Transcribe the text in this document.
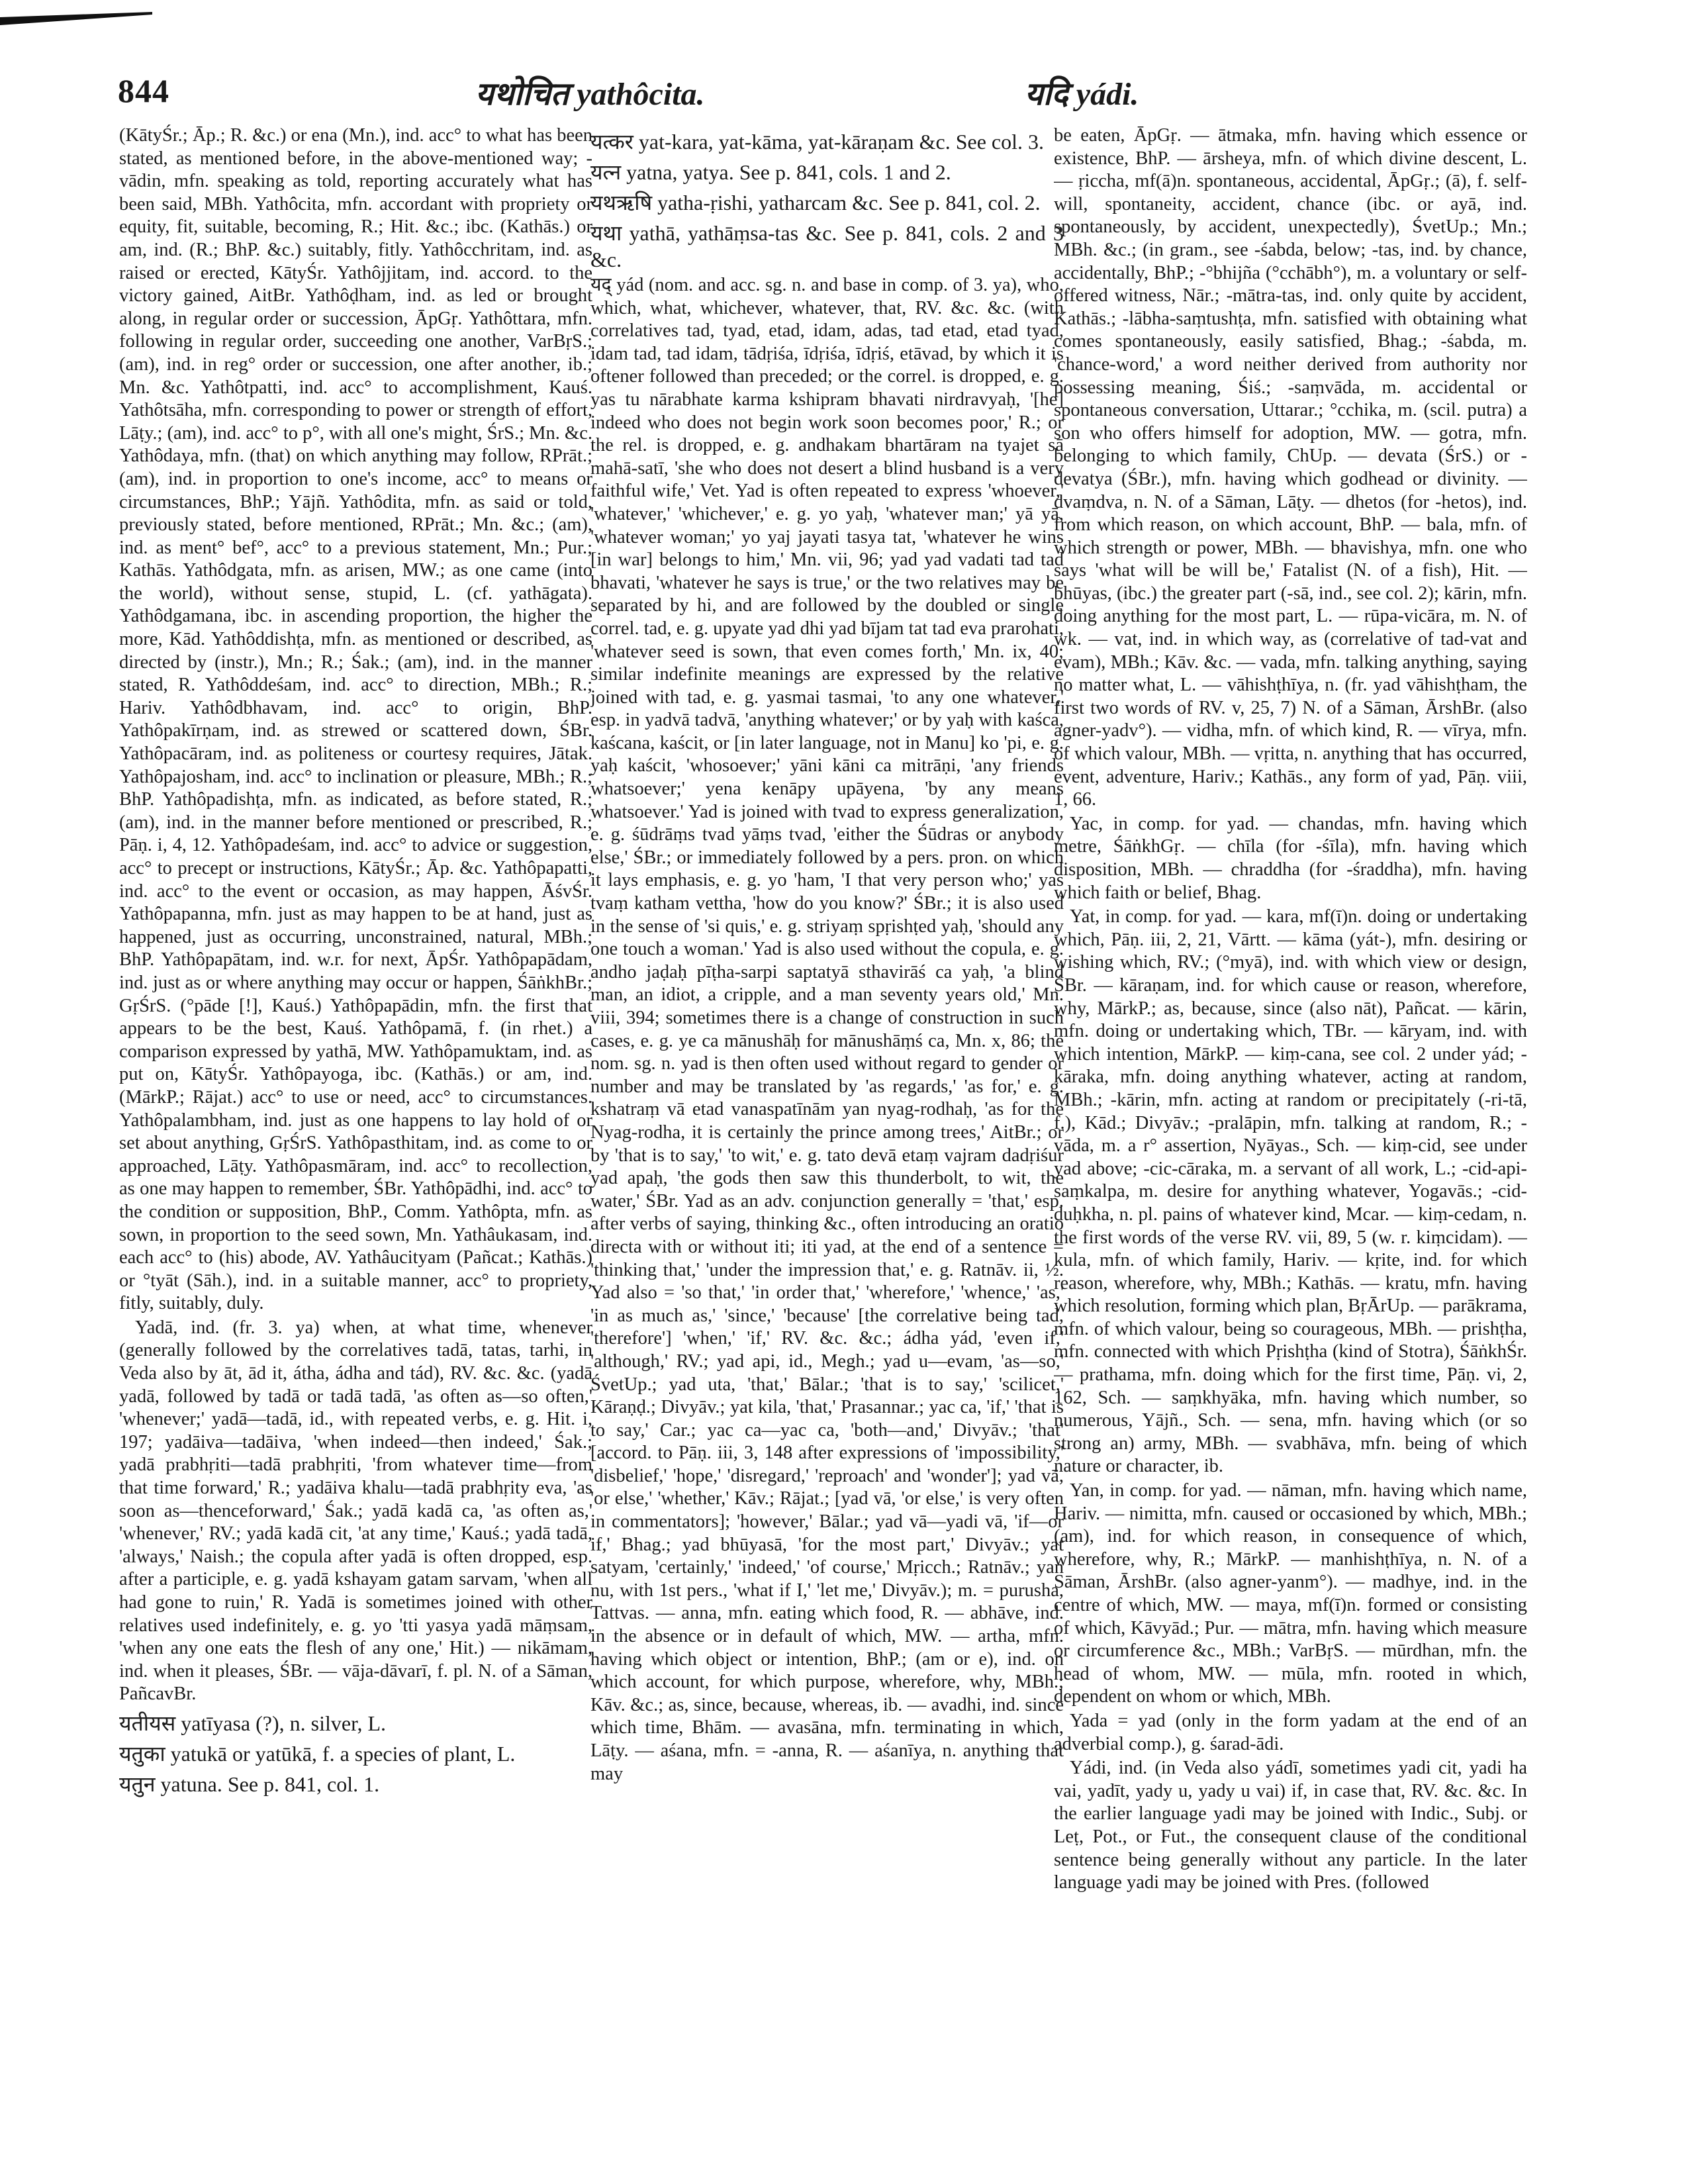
844	यथोचित yathôcita.	यदि yádi.

(KātyŚr.; Āp.; R. &c.) or ena (Mn.), ind. acc° to what has been stated, as mentioned before, in the above-mentioned way; -vādin, mfn. speaking as told, reporting accurately what has been said, MBh. Yathôcita, mfn. accordant with propriety or equity, fit, suitable, becoming, R.; Hit. &c.; ibc. (Kathās.) or am, ind. (R.; BhP. &c.) suitably, fitly. Yathôcchritam, ind. as raised or erected, KātyŚr. Yathôjjitam, ind. accord. to the victory gained, AitBr. Yathôḍham, ind. as led or brought along, in regular order or succession, ĀpGṛ. Yathôttara, mfn. following in regular order, succeeding one another, VarBṛS.; (am), ind. in reg° order or succession, one after another, ib.; Mn. &c. Yathôtpatti, ind. acc° to accomplishment, Kauś. Yathôtsāha, mfn. corresponding to power or strength of effort, Lāṭy.; (am), ind. acc° to p°, with all one's might, ŚrS.; Mn. &c. Yathôdaya, mfn. (that) on which anything may follow, RPrāt.; (am), ind. in proportion to one's income, acc° to means or circumstances, BhP.; Yājñ. Yathôdita, mfn. as said or told, previously stated, before mentioned, RPrāt.; Mn. &c.; (am), ind. as ment° bef°, acc° to a previous statement, Mn.; Pur.; Kathās. Yathôdgata, mfn. as arisen, MW.; as one came (into the world), without sense, stupid, L. (cf. yathāgata). Yathôdgamana, ibc. in ascending proportion, the higher the more, Kād. Yathôddishṭa, mfn. as mentioned or described, as directed by (instr.), Mn.; R.; Śak.; (am), ind. in the manner stated, R. Yathôddeśam, ind. acc° to direction, MBh.; R.; Hariv. Yathôdbhavam, ind. acc° to origin, BhP. Yathôpakīrṇam, ind. as strewed or scattered down, ŚBr. Yathôpacāram, ind. as politeness or courtesy requires, Jātak. Yathôpajosham, ind. acc° to inclination or pleasure, MBh.; R.; BhP. Yathôpadishṭa, mfn. as indicated, as before stated, R.; (am), ind. in the manner before mentioned or prescribed, R.; Pāṇ. i, 4, 12. Yathôpadeśam, ind. acc° to advice or suggestion, acc° to precept or instructions, KātyŚr.; Āp. &c. Yathôpapatti, ind. acc° to the event or occasion, as may happen, ĀśvŚr. Yathôpapanna, mfn. just as may happen to be at hand, just as happened, just as occurring, unconstrained, natural, MBh.; BhP. Yathôpapātam, ind. w.r. for next, ĀpŚr. Yathôpapādam, ind. just as or where anything may occur or happen, ŚāṅkhBr.; GṛŚrS. (°pāde [!], Kauś.) Yathôpapādin, mfn. the first that appears to be the best, Kauś. Yathôpamā, f. (in rhet.) a comparison expressed by yathā, MW. Yathôpamuktam, ind. as put on, KātyŚr. Yathôpayoga, ibc. (Kathās.) or am, ind. (MārkP.; Rājat.) acc° to use or need, acc° to circumstances. Yathôpalambham, ind. just as one happens to lay hold of or set about anything, GṛŚrS. Yathôpasthitam, ind. as come to or approached, Lāṭy. Yathôpasmāram, ind. acc° to recollection, as one may happen to remember, ŚBr. Yathôpādhi, ind. acc° to the condition or supposition, BhP., Comm. Yathôpta, mfn. as sown, in proportion to the seed sown, Mn. Yathâukasam, ind. each acc° to (his) abode, AV. Yathâucityam (Pañcat.; Kathās.) or °tyāt (Sāh.), ind. in a suitable manner, acc° to propriety, fitly, suitably, duly.

Yadā, ind. (fr. 3. ya) when, at what time, whenever (generally followed by the correlatives tadā, tatas, tarhi, in Veda also by āt, ād it, átha, ádha and tád), RV. &c. &c. (yadā yadā, followed by tadā or tadā tadā, 'as often as—so often,' 'whenever;' yadā—tadā, id., with repeated verbs, e. g. Hit. i, 197; yadāiva—tadāiva, 'when indeed—then indeed,' Śak.; yadā prabhṛiti—tadā prabhṛiti, 'from whatever time—from that time forward,' R.; yadāiva khalu—tadā prabhṛity eva, 'as soon as—thenceforward,' Śak.; yadā kadā ca, 'as often as,' 'whenever,' RV.; yadā kadā cit, 'at any time,' Kauś.; yadā tadā, 'always,' Naish.; the copula after yadā is often dropped, esp. after a participle, e. g. yadā kshayam gatam sarvam, 'when all had gone to ruin,' R. Yadā is sometimes joined with other relatives used indefinitely, e. g. yo 'tti yasya yadā māṃsam, 'when any one eats the flesh of any one,' Hit.) — nikāmam, ind. when it pleases, ŚBr. — vāja-dāvarī, f. pl. N. of a Sāman, PañcavBr.

यतीयस yatīyasa (?), n. silver, L.

यतुका yatukā or yatūkā, f. a species of plant, L.

यतुन yatuna. See p. 841, col. 1.

यत्कर yat-kara, yat-kāma, yat-kāraṇam &c. See col. 3.

यत्न yatna, yatya. See p. 841, cols. 1 and 2.

यथऋषि yatha-ṛishi, yatharcam &c. See p. 841, col. 2.

यथा yathā, yathāṃsa-tas &c. See p. 841, cols. 2 and 3 &c.

यद् yád (nom. and acc. sg. n. and base in comp. of 3. ya), who, which, what, whichever, whatever, that, RV. &c. &c. (with correlatives tad, tyad, etad, idam, adas, tad etad, etad tyad, idam tad, tad idam, tādṛiśa, īdṛiśa, īdṛiś, etāvad, by which it is oftener followed than preceded; or the correl. is dropped, e. g. yas tu nārabhate karma kshipram bhavati nirdravyaḥ, '[he] indeed who does not begin work soon becomes poor,' R.; or the rel. is dropped, e. g. andhakam bhartāram na tyajet sā mahā-satī, 'she who does not desert a blind husband is a very faithful wife,' Vet. Yad is often repeated to express 'whoever,' 'whatever,' 'whichever,' e. g. yo yaḥ, 'whatever man;' yā yā, 'whatever woman;' yo yaj jayati tasya tat, 'whatever he wins [in war] belongs to him,' Mn. vii, 96; yad yad vadati tad tad bhavati, 'whatever he says is true,' or the two relatives may be separated by hi, and are followed by the doubled or single correl. tad, e. g. upyate yad dhi yad bījam tat tad eva prarohati, 'whatever seed is sown, that even comes forth,' Mn. ix, 40; similar indefinite meanings are expressed by the relative joined with tad, e. g. yasmai tasmai, 'to any one whatever,' esp. in yadvā tadvā, 'anything whatever;' or by yaḥ with kaśca, kaścana, kaścit, or [in later language, not in Manu] ko 'pi, e. g. yaḥ kaścit, 'whosoever;' yāni kāni ca mitrāṇi, 'any friends whatsoever;' yena kenāpy upāyena, 'by any means whatsoever.' Yad is joined with tvad to express generalization, e. g. śūdrāṃs tvad yāṃs tvad, 'either the Śūdras or anybody else,' ŚBr.; or immediately followed by a pers. pron. on which it lays emphasis, e. g. yo 'ham, 'I that very person who;' yas tvaṃ katham vettha, 'how do you know?' ŚBr.; it is also used in the sense of 'si quis,' e. g. striyaṃ spṛishṭed yaḥ, 'should any one touch a woman.' Yad is also used without the copula, e. g. andho jaḍaḥ pīṭha-sarpi saptatyā sthavirāś ca yaḥ, 'a blind man, an idiot, a cripple, and a man seventy years old,' Mn. viii, 394; sometimes there is a change of construction in such cases, e. g. ye ca mānushāḥ for mānushāṃś ca, Mn. x, 86; the nom. sg. n. yad is then often used without regard to gender or number and may be translated by 'as regards,' 'as for,' e. g. kshatraṃ vā etad vanaspatīnām yan nyag-rodhaḥ, 'as for the Nyag-rodha, it is certainly the prince among trees,' AitBr.; or by 'that is to say,' 'to wit,' e. g. tato devā etaṃ vajram dadṛiśur yad apaḥ, 'the gods then saw this thunderbolt, to wit, the water,' ŚBr. Yad as an adv. conjunction generally = 'that,' esp. after verbs of saying, thinking &c., often introducing an oratio directa with or without iti; iti yad, at the end of a sentence = 'thinking that,' 'under the impression that,' e. g. Ratnāv. ii, ½. Yad also = 'so that,' 'in order that,' 'wherefore,' 'whence,' 'as,' 'in as much as,' 'since,' 'because' [the correlative being tad, 'therefore'] 'when,' 'if,' RV. &c. &c.; ádha yád, 'even if,' 'although,' RV.; yad api, id., Megh.; yad u—evam, 'as—so,' ŚvetUp.; yad uta, 'that,' Bālar.; 'that is to say,' 'scilicet,' Kāraṇḍ.; Divyāv.; yat kila, 'that,' Prasannar.; yac ca, 'if,' 'that is to say,' Car.; yac ca—yac ca, 'both—and,' Divyāv.; 'that' [accord. to Pāṇ. iii, 3, 148 after expressions of 'impossibility,' 'disbelief,' 'hope,' 'disregard,' 'reproach' and 'wonder']; yad vā, 'or else,' 'whether,' Kāv.; Rājat.; [yad vā, 'or else,' is very often in commentators]; 'however,' Bālar.; yad vā—yadi vā, 'if—or if,' Bhag.; yad bhūyasā, 'for the most part,' Divyāv.; yat satyam, 'certainly,' 'indeed,' 'of course,' Mṛicch.; Ratnāv.; yan nu, with 1st pers., 'what if I,' 'let me,' Divyāv.); m. = purusha, Tattvas. — anna, mfn. eating which food, R. — abhāve, ind. in the absence or in default of which, MW. — artha, mfn. having which object or intention, BhP.; (am or e), ind. on which account, for which purpose, wherefore, why, MBh.; Kāv. &c.; as, since, because, whereas, ib. — avadhi, ind. since which time, Bhām. — avasāna, mfn. terminating in which, Lāṭy. — aśana, mfn. = -anna, R. — aśanīya, n. anything that may

be eaten, ĀpGṛ. — ātmaka, mfn. having which essence or existence, BhP. — ārsheya, mfn. of which divine descent, L. — ṛiccha, mf(ā)n. spontaneous, accidental, ĀpGṛ.; (ā), f. self-will, spontaneity, accident, chance (ibc. or ayā, ind. spontaneously, by accident, unexpectedly), ŚvetUp.; Mn.; MBh. &c.; (in gram., see -śabda, below; -tas, ind. by chance, accidentally, BhP.; -°bhijña (°cchābh°), m. a voluntary or self-offered witness, Nār.; -mātra-tas, ind. only quite by accident, Kathās.; -lābha-saṃtushṭa, mfn. satisfied with obtaining what comes spontaneously, easily satisfied, Bhag.; -śabda, m. 'chance-word,' a word neither derived from authority nor possessing meaning, Śiś.; -saṃvāda, m. accidental or spontaneous conversation, Uttarar.; °cchika, m. (scil. putra) a son who offers himself for adoption, MW. — gotra, mfn. belonging to which family, ChUp. — devata (ŚrS.) or -devatya (ŚBr.), mfn. having which godhead or divinity. — dvaṃdva, n. N. of a Sāman, Lāṭy. — dhetos (for -hetos), ind. from which reason, on which account, BhP. — bala, mfn. of which strength or power, MBh. — bhavishya, mfn. one who says 'what will be will be,' Fatalist (N. of a fish), Hit. — bhūyas, (ibc.) the greater part (-sā, ind., see col. 2); kārin, mfn. doing anything for the most part, L. — rūpa-vicāra, m. N. of wk. — vat, ind. in which way, as (correlative of tad-vat and evam), MBh.; Kāv. &c. — vada, mfn. talking anything, saying no matter what, L. — vāhishṭhīya, n. (fr. yad vāhishṭham, the first two words of RV. v, 25, 7) N. of a Sāman, ĀrshBr. (also agner-yadv°). — vidha, mfn. of which kind, R. — vīrya, mfn. of which valour, MBh. — vṛitta, n. anything that has occurred, event, adventure, Hariv.; Kathās., any form of yad, Pāṇ. viii, 1, 66.

Yac, in comp. for yad. — chandas, mfn. having which metre, ŚāṅkhGṛ. — chīla (for -śīla), mfn. having which disposition, MBh. — chraddha (for -śraddha), mfn. having which faith or belief, Bhag.

Yat, in comp. for yad. — kara, mf(ī)n. doing or undertaking which, Pāṇ. iii, 2, 21, Vārtt. — kāma (yát-), mfn. desiring or wishing which, RV.; (°myā), ind. with which view or design, ŚBr. — kāraṇam, ind. for which cause or reason, wherefore, why, MārkP.; as, because, since (also nāt), Pañcat. — kārin, mfn. doing or undertaking which, TBr. — kāryam, ind. with which intention, MārkP. — kiṃ-cana, see col. 2 under yád; -kāraka, mfn. doing anything whatever, acting at random, MBh.; -kārin, mfn. acting at random or precipitately (-ri-tā, f.), Kād.; Divyāv.; -pralāpin, mfn. talking at random, R.; -vāda, m. a r° assertion, Nyāyas., Sch. — kiṃ-cid, see under yad above; -cic-cāraka, m. a servant of all work, L.; -cid-api-saṃkalpa, m. desire for anything whatever, Yogavās.; -cid-duḥkha, n. pl. pains of whatever kind, Mcar. — kiṃ-cedam, n. the first words of the verse RV. vii, 89, 5 (w. r. kiṃcidam). — kula, mfn. of which family, Hariv. — kṛite, ind. for which reason, wherefore, why, MBh.; Kathās. — kratu, mfn. having which resolution, forming which plan, BṛĀrUp. — parākrama, mfn. of which valour, being so courageous, MBh. — prishṭha, mfn. connected with which Pṛishṭha (kind of Stotra), ŚāṅkhŚr. — prathama, mfn. doing which for the first time, Pāṇ. vi, 2, 162, Sch. — saṃkhyāka, mfn. having which number, so numerous, Yājñ., Sch. — sena, mfn. having which (or so strong an) army, MBh. — svabhāva, mfn. being of which nature or character, ib.

Yan, in comp. for yad. — nāman, mfn. having which name, Hariv. — nimitta, mfn. caused or occasioned by which, MBh.; (am), ind. for which reason, in consequence of which, wherefore, why, R.; MārkP. — manhishṭhīya, n. N. of a Sāman, ĀrshBr. (also agner-yanm°). — madhye, ind. in the centre of which, MW. — maya, mf(ī)n. formed or consisting of which, Kāvyād.; Pur. — mātra, mfn. having which measure or circumference &c., MBh.; VarBṛS. — mūrdhan, mfn. the head of whom, MW. — mūla, mfn. rooted in which, dependent on whom or which, MBh.

Yada = yad (only in the form yadam at the end of an adverbial comp.), g. śarad-ādi.

Yádi, ind. (in Veda also yádī, sometimes yadi cit, yadi ha vai, yadīt, yady u, yady u vai) if, in case that, RV. &c. &c. In the earlier language yadi may be joined with Indic., Subj. or Leṭ, Pot., or Fut., the consequent clause of the conditional sentence being generally without any particle. In the later language yadi may be joined with Pres. (followed
